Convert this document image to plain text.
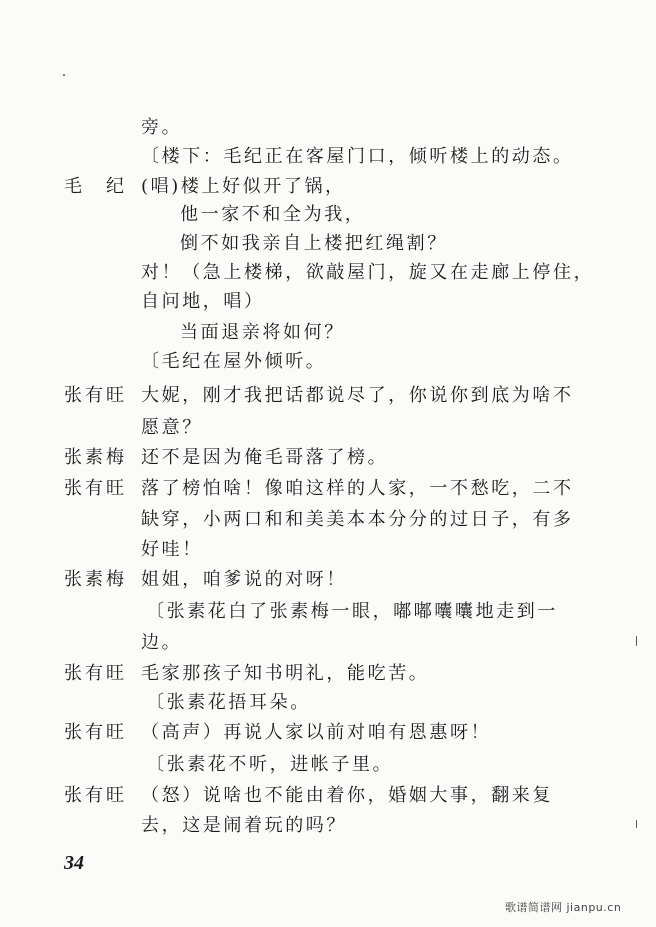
旁。
〔楼下：毛纪正在客屋门口，倾听楼上的动态。
毛　纪 (唱)楼上好似开了锅，
他一家不和全为我，
倒不如我亲自上楼把红绳割？
对！（急上楼梯，欲敲屋门，旋又在走廊上停住，
自问地，唱）
当面退亲将如何？
〔毛纪在屋外倾听。
张有旺 大妮，刚才我把话都说尽了，你说你到底为啥不
愿意？
张素梅 还不是因为俺毛哥落了榜。
张有旺 落了榜怕啥！像咱这样的人家，一不愁吃，二不
缺穿，小两口和和美美本本分分的过日子，有多
好哇！
张素梅 姐姐，咱爹说的对呀！
〔张素花白了张素梅一眼，嘟嘟囔囔地走到一
边。
张有旺 毛家那孩子知书明礼，能吃苦。
〔张素花捂耳朵。
张有旺 （高声）再说人家以前对咱有恩惠呀！
〔张素花不听，进帐子里。
张有旺 （怒）说啥也不能由着你，婚姻大事，翻来复
去，这是闹着玩的吗？
34
歌谱简谱网 jianpu.cn
